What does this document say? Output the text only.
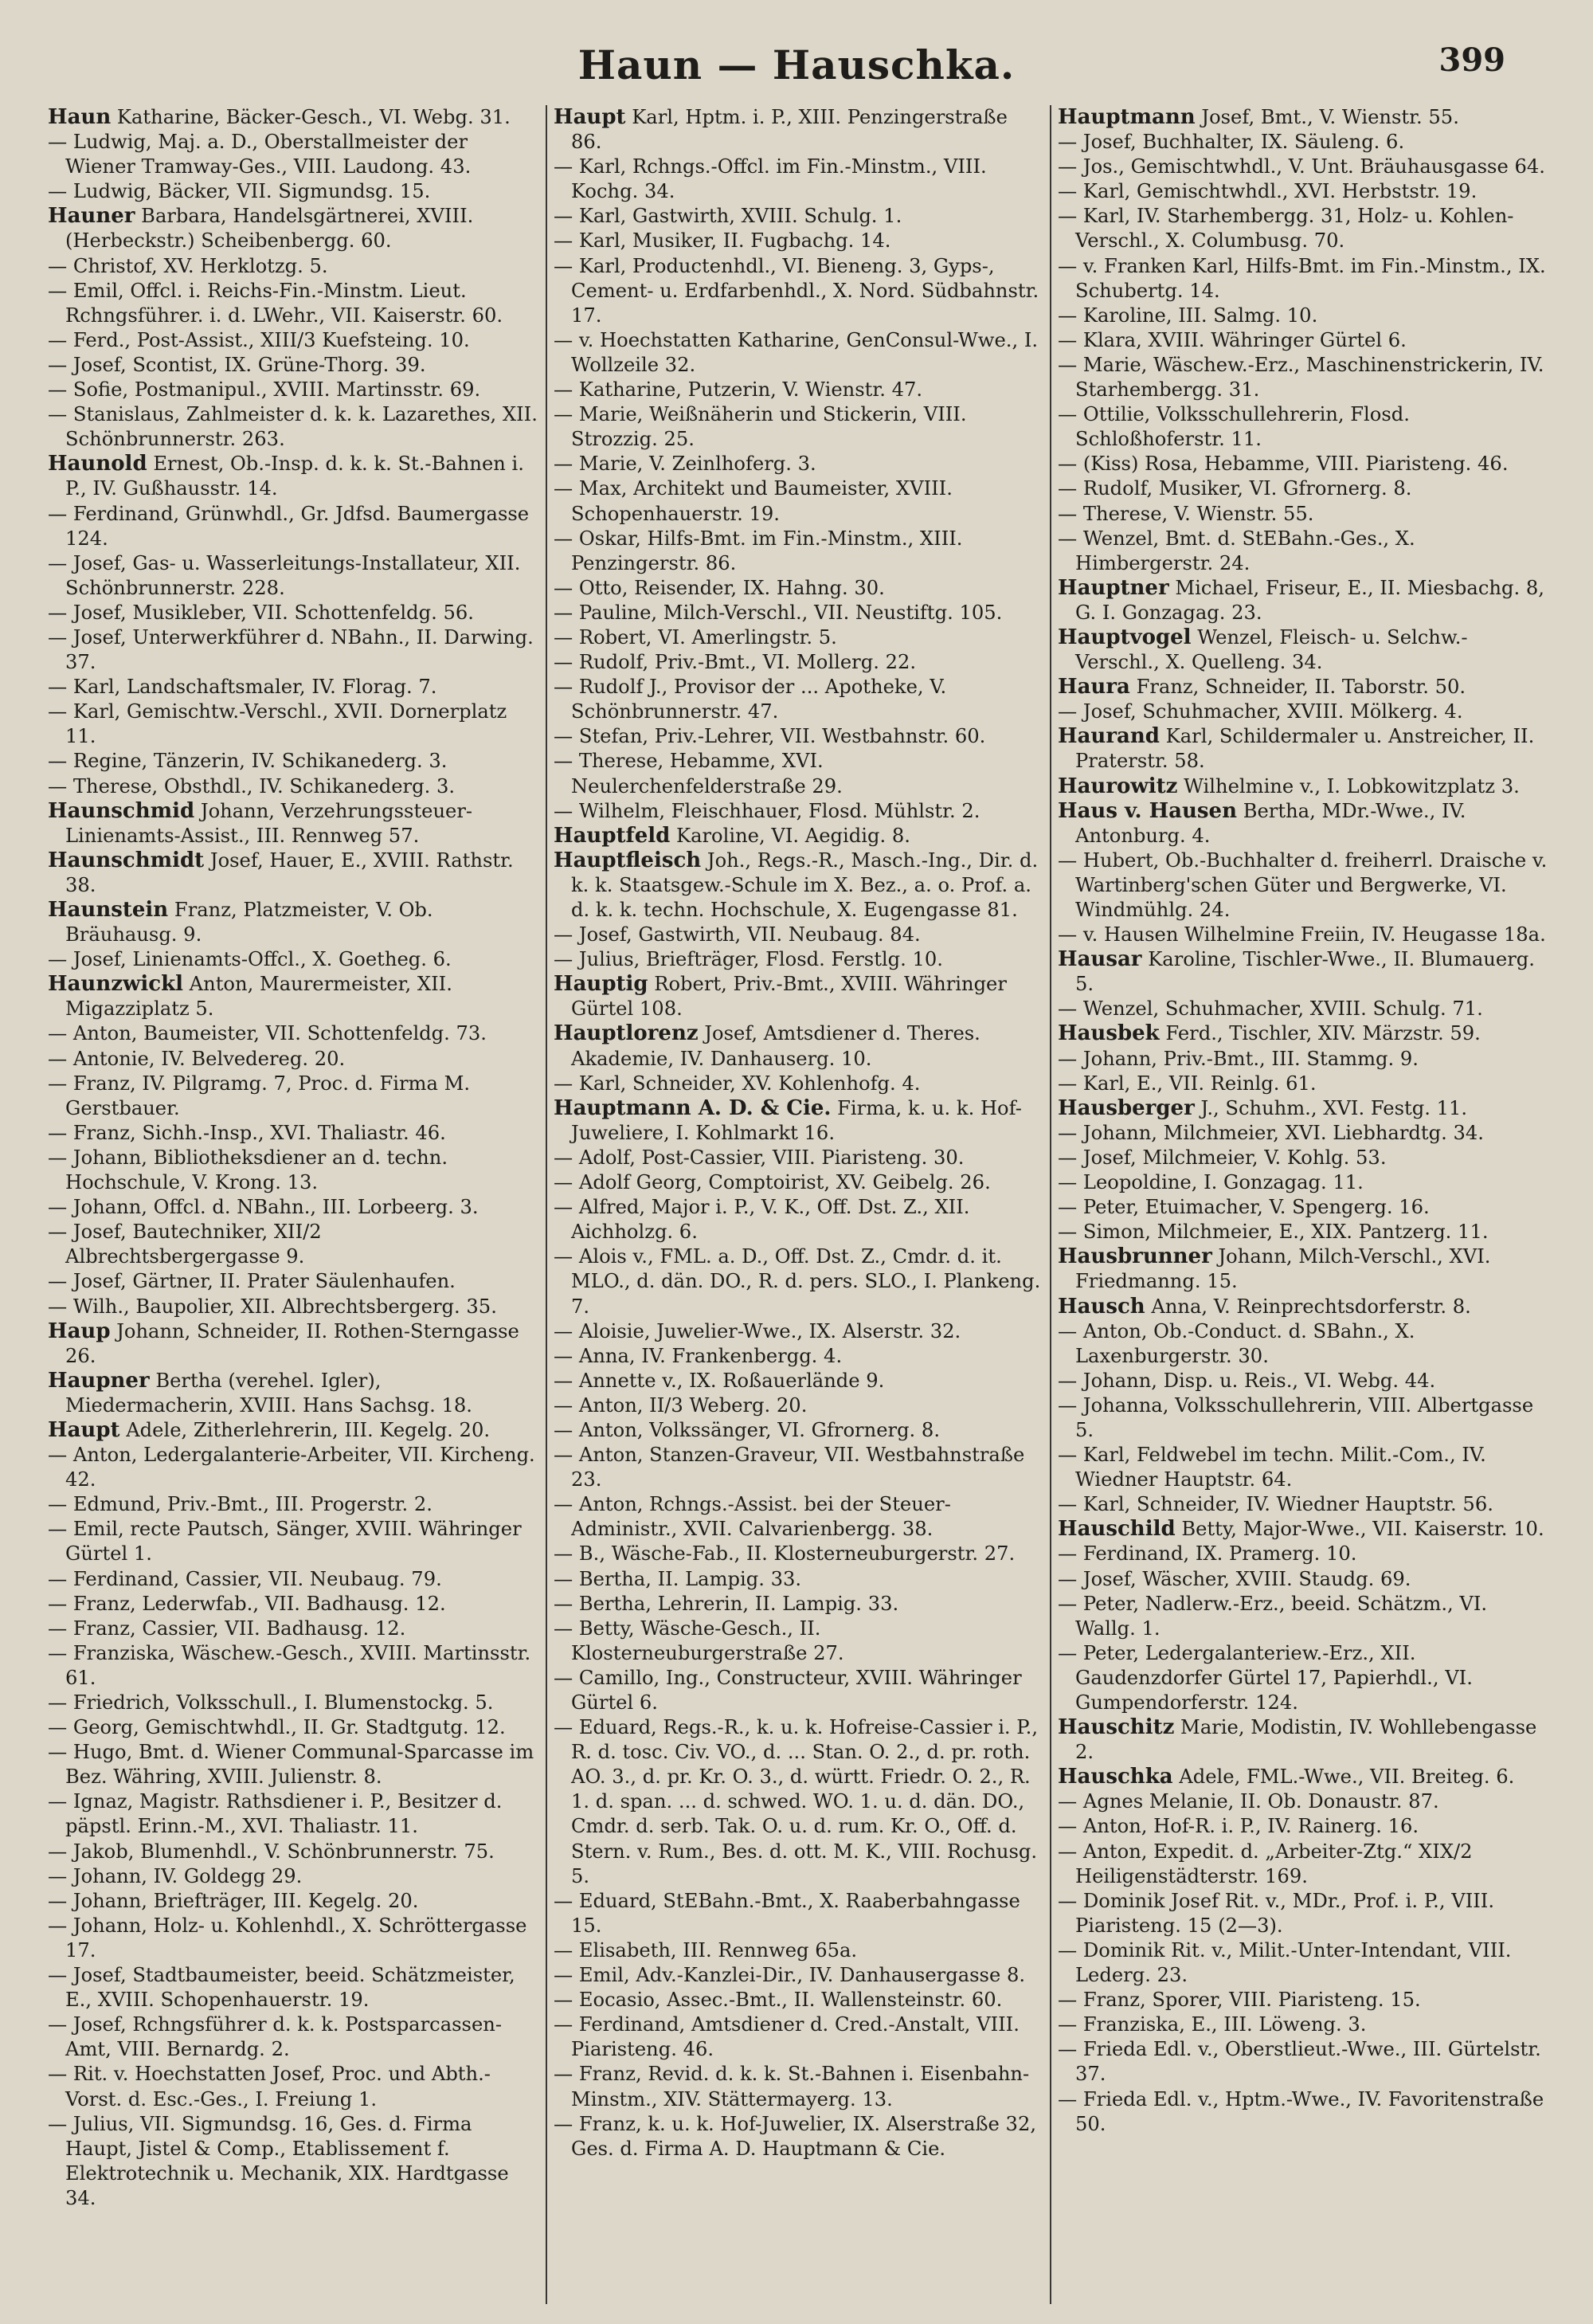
Haun — Hauschka.	399
Haun Katharine, Bäcker-Gesch., VI. Webg. 31.
— Ludwig, Maj. a. D., Oberstallmeister der Wiener Tramway-Ges., VIII. Laudong. 43.
— Ludwig, Bäcker, VII. Sigmundsg. 15.
Hauner Barbara, Handelsgärtnerei, XVIII. (Herbeckstr.) Scheibenbergg. 60.
— Christof, XV. Herklotzg. 5.
— Emil, Offcl. i. Reichs-Fin.-Minstm. Lieut. Rchngsführer. i. d. LWehr., VII. Kaiserstr. 60.
— Ferd., Post-Assist., XIII/3 Kuefsteing. 10.
— Josef, Scontist, IX. Grüne-Thorg. 39.
— Sofie, Postmanipul., XVIII. Martinsstr. 69.
— Stanislaus, Zahlmeister d. k. k. Lazarethes, XII. Schönbrunnerstr. 263.
Haunold Ernest, Ob.-Insp. d. k. k. St.-Bahnen i. P., IV. Gußhausstr. 14.
— Ferdinand, Grünwhdl., Gr. Jdfsd. Baumergasse 124.
— Josef, Gas- u. Wasserleitungs-Installateur, XII. Schönbrunnerstr. 228.
— Josef, Musikleber, VII. Schottenfeldg. 56.
— Josef, Unterwerkführer d. NBahn., II. Darwing. 37.
— Karl, Landschaftsmaler, IV. Florag. 7.
— Karl, Gemischtw.-Verschl., XVII. Dornerplatz 11.
— Regine, Tänzerin, IV. Schikanederg. 3.
— Therese, Obsthdl., IV. Schikanederg. 3.
Haunschmid Johann, Verzehrungssteuer-Linienamts-Assist., III. Rennweg 57.
Haunschmidt Josef, Hauer, E., XVIII. Rathstr. 38.
Haunstein Franz, Platzmeister, V. Ob. Bräuhausg. 9.
— Josef, Linienamts-Offcl., X. Goetheg. 6.
Haunzwickl Anton, Maurermeister, XII. Migazziplatz 5.
— Anton, Baumeister, VII. Schottenfeldg. 73.
— Antonie, IV. Belvedereg. 20.
— Franz, IV. Pilgramg. 7, Proc. d. Firma M. Gerstbauer.
— Franz, Sichh.-Insp., XVI. Thaliastr. 46.
— Johann, Bibliotheksdiener an d. techn. Hochschule, V. Krong. 13.
— Johann, Offcl. d. NBahn., III. Lorbeerg. 3.
— Josef, Bautechniker, XII/2 Albrechtsbergergasse 9.
— Josef, Gärtner, II. Prater Säulenhaufen.
— Wilh., Baupolier, XII. Albrechtsbergerg. 35.
Haup Johann, Schneider, II. Rothen-Sterngasse 26.
Haupner Bertha (verehel. Igler), Miedermacherin, XVIII. Hans Sachsg. 18.
Haupt Adele, Zitherlehrerin, III. Kegelg. 20.
— Anton, Ledergalanterie-Arbeiter, VII. Kircheng. 42.
— Edmund, Priv.-Bmt., III. Progerstr. 2.
— Emil, recte Pautsch, Sänger, XVIII. Währinger Gürtel 1.
— Ferdinand, Cassier, VII. Neubaug. 79.
— Franz, Lederwfab., VII. Badhausg. 12.
— Franz, Cassier, VII. Badhausg. 12.
— Franziska, Wäschew.-Gesch., XVIII. Martinsstr. 61.
— Friedrich, Volksschull., I. Blumenstockg. 5.
— Georg, Gemischtwhdl., II. Gr. Stadtgutg. 12.
— Hugo, Bmt. d. Wiener Communal-Sparcasse im Bez. Währing, XVIII. Julienstr. 8.
— Ignaz, Magistr. Rathsdiener i. P., Besitzer d. päpstl. Erinn.-M., XVI. Thaliastr. 11.
— Jakob, Blumenhdl., V. Schönbrunnerstr. 75.
— Johann, IV. Goldegg 29.
— Johann, Briefträger, III. Kegelg. 20.
— Johann, Holz- u. Kohlenhdl., X. Schröttergasse 17.
— Josef, Stadtbaumeister, beeid. Schätzmeister, E., XVIII. Schopenhauerstr. 19.
— Josef, Rchngsführer d. k. k. Postsparcassen-Amt, VIII. Bernardg. 2.
— Rit. v. Hoechstatten Josef, Proc. und Abth.-Vorst. d. Esc.-Ges., I. Freiung 1.
— Julius, VII. Sigmundsg. 16, Ges. d. Firma Haupt, Jistel & Comp., Etablissement f. Elektrotechnik u. Mechanik, XIX. Hardtgasse 34.
Haupt Karl, Hptm. i. P., XIII. Penzingerstraße 86.
— Karl, Rchngs.-Offcl. im Fin.-Minstm., VIII. Kochg. 34.
— Karl, Gastwirth, XVIII. Schulg. 1.
— Karl, Musiker, II. Fugbachg. 14.
— Karl, Productenhdl., VI. Bieneng. 3, Gyps-, Cement- u. Erdfarbenhdl., X. Nord. Südbahnstr. 17.
— v. Hoechstatten Katharine, GenConsul-Wwe., I. Wollzeile 32.
— Katharine, Putzerin, V. Wienstr. 47.
— Marie, Weißnäherin und Stickerin, VIII. Strozzig. 25.
— Marie, V. Zeinlhoferg. 3.
— Max, Architekt und Baumeister, XVIII. Schopenhauerstr. 19.
— Oskar, Hilfs-Bmt. im Fin.-Minstm., XIII. Penzingerstr. 86.
— Otto, Reisender, IX. Hahng. 30.
— Pauline, Milch-Verschl., VII. Neustiftg. 105.
— Robert, VI. Amerlingstr. 5.
— Rudolf, Priv.-Bmt., VI. Mollerg. 22.
— Rudolf J., Provisor der ... Apotheke, V. Schönbrunnerstr. 47.
— Stefan, Priv.-Lehrer, VII. Westbahnstr. 60.
— Therese, Hebamme, XVI. Neulerchenfelderstraße 29.
— Wilhelm, Fleischhauer, Flosd. Mühlstr. 2.
Hauptfeld Karoline, VI. Aegidig. 8.
Hauptfleisch Joh., Regs.-R., Masch.-Ing., Dir. d. k. k. Staatsgew.-Schule im X. Bez., a. o. Prof. a. d. k. k. techn. Hochschule, X. Eugengasse 81.
— Josef, Gastwirth, VII. Neubaug. 84.
— Julius, Briefträger, Flosd. Ferstlg. 10.
Hauptig Robert, Priv.-Bmt., XVIII. Währinger Gürtel 108.
Hauptlorenz Josef, Amtsdiener d. Theres. Akademie, IV. Danhauserg. 10.
— Karl, Schneider, XV. Kohlenhofg. 4.
Hauptmann A. D. & Cie. Firma, k. u. k. Hof-Juweliere, I. Kohlmarkt 16.
— Adolf, Post-Cassier, VIII. Piaristeng. 30.
— Adolf Georg, Comptoirist, XV. Geibelg. 26.
— Alfred, Major i. P., V. K., Off. Dst. Z., XII. Aichholzg. 6.
— Alois v., FML. a. D., Off. Dst. Z., Cmdr. d. it. MLO., d. dän. DO., R. d. pers. SLO., I. Plankeng. 7.
— Aloisie, Juwelier-Wwe., IX. Alserstr. 32.
— Anna, IV. Frankenbergg. 4.
— Annette v., IX. Roßauerlände 9.
— Anton, II/3 Weberg. 20.
— Anton, Volkssänger, VI. Gfrornerg. 8.
— Anton, Stanzen-Graveur, VII. Westbahnstraße 23.
— Anton, Rchngs.-Assist. bei der Steuer-Administr., XVII. Calvarienbergg. 38.
— B., Wäsche-Fab., II. Klosterneuburgerstr. 27.
— Bertha, II. Lampig. 33.
— Bertha, Lehrerin, II. Lampig. 33.
— Betty, Wäsche-Gesch., II. Klosterneuburgerstraße 27.
— Camillo, Ing., Constructeur, XVIII. Währinger Gürtel 6.
— Eduard, Regs.-R., k. u. k. Hofreise-Cassier i. P., R. d. tosc. Civ. VO., d. ... Stan. O. 2., d. pr. roth. AO. 3., d. pr. Kr. O. 3., d. württ. Friedr. O. 2., R. 1. d. span. ... d. schwed. WO. 1. u. d. dän. DO., Cmdr. d. serb. Tak. O. u. d. rum. Kr. O., Off. d. Stern. v. Rum., Bes. d. ott. M. K., VIII. Rochusg. 5.
— Eduard, StEBahn.-Bmt., X. Raaberbahngasse 15.
— Elisabeth, III. Rennweg 65a.
— Emil, Adv.-Kanzlei-Dir., IV. Danhausergasse 8.
— Eocasio, Assec.-Bmt., II. Wallensteinstr. 60.
— Ferdinand, Amtsdiener d. Cred.-Anstalt, VIII. Piaristeng. 46.
— Franz, Revid. d. k. k. St.-Bahnen i. Eisenbahn-Minstm., XIV. Stättermayerg. 13.
— Franz, k. u. k. Hof-Juwelier, IX. Alserstraße 32, Ges. d. Firma A. D. Hauptmann & Cie.
Hauptmann Josef, Bmt., V. Wienstr. 55.
— Josef, Buchhalter, IX. Säuleng. 6.
— Jos., Gemischtwhdl., V. Unt. Bräuhausgasse 64.
— Karl, Gemischtwhdl., XVI. Herbststr. 19.
— Karl, IV. Starhembergg. 31, Holz- u. Kohlen-Verschl., X. Columbusg. 70.
— v. Franken Karl, Hilfs-Bmt. im Fin.-Minstm., IX. Schubertg. 14.
— Karoline, III. Salmg. 10.
— Klara, XVIII. Währinger Gürtel 6.
— Marie, Wäschew.-Erz., Maschinenstrickerin, IV. Starhembergg. 31.
— Ottilie, Volksschullehrerin, Flosd. Schloßhoferstr. 11.
— (Kiss) Rosa, Hebamme, VIII. Piaristeng. 46.
— Rudolf, Musiker, VI. Gfrornerg. 8.
— Therese, V. Wienstr. 55.
— Wenzel, Bmt. d. StEBahn.-Ges., X. Himbergerstr. 24.
Hauptner Michael, Friseur, E., II. Miesbachg. 8, G. I. Gonzagag. 23.
Hauptvogel Wenzel, Fleisch- u. Selchw.-Verschl., X. Quelleng. 34.
Haura Franz, Schneider, II. Taborstr. 50.
— Josef, Schuhmacher, XVIII. Mölkerg. 4.
Haurand Karl, Schildermaler u. Anstreicher, II. Praterstr. 58.
Haurowitz Wilhelmine v., I. Lobkowitzplatz 3.
Haus v. Hausen Bertha, MDr.-Wwe., IV. Antonburg. 4.
— Hubert, Ob.-Buchhalter d. freiherrl. Draische v. Wartinberg'schen Güter und Bergwerke, VI. Windmühlg. 24.
— v. Hausen Wilhelmine Freiin, IV. Heugasse 18a.
Hausar Karoline, Tischler-Wwe., II. Blumauerg. 5.
— Wenzel, Schuhmacher, XVIII. Schulg. 71.
Hausbek Ferd., Tischler, XIV. Märzstr. 59.
— Johann, Priv.-Bmt., III. Stammg. 9.
— Karl, E., VII. Reinlg. 61.
Hausberger J., Schuhm., XVI. Festg. 11.
— Johann, Milchmeier, XVI. Liebhardtg. 34.
— Josef, Milchmeier, V. Kohlg. 53.
— Leopoldine, I. Gonzagag. 11.
— Peter, Etuimacher, V. Spengerg. 16.
— Simon, Milchmeier, E., XIX. Pantzerg. 11.
Hausbrunner Johann, Milch-Verschl., XVI. Friedmanng. 15.
Hausch Anna, V. Reinprechtsdorferstr. 8.
— Anton, Ob.-Conduct. d. SBahn., X. Laxenburgerstr. 30.
— Johann, Disp. u. Reis., VI. Webg. 44.
— Johanna, Volksschullehrerin, VIII. Albertgasse 5.
— Karl, Feldwebel im techn. Milit.-Com., IV. Wiedner Hauptstr. 64.
— Karl, Schneider, IV. Wiedner Hauptstr. 56.
Hauschild Betty, Major-Wwe., VII. Kaiserstr. 10.
— Ferdinand, IX. Pramerg. 10.
— Josef, Wäscher, XVIII. Staudg. 69.
— Peter, Nadlerw.-Erz., beeid. Schätzm., VI. Wallg. 1.
— Peter, Ledergalanteriew.-Erz., XII. Gaudenzdorfer Gürtel 17, Papierhdl., VI. Gumpendorferstr. 124.
Hauschitz Marie, Modistin, IV. Wohllebengasse 2.
Hauschka Adele, FML.-Wwe., VII. Breiteg. 6.
— Agnes Melanie, II. Ob. Donaustr. 87.
— Anton, Hof-R. i. P., IV. Rainerg. 16.
— Anton, Expedit. d. „Arbeiter-Ztg.“ XIX/2 Heiligenstädterstr. 169.
— Dominik Josef Rit. v., MDr., Prof. i. P., VIII. Piaristeng. 15 (2—3).
— Dominik Rit. v., Milit.-Unter-Intendant, VIII. Lederg. 23.
— Franz, Sporer, VIII. Piaristeng. 15.
— Franziska, E., III. Löweng. 3.
— Frieda Edl. v., Oberstlieut.-Wwe., III. Gürtelstr. 37.
— Frieda Edl. v., Hptm.-Wwe., IV. Favoritenstraße 50.
